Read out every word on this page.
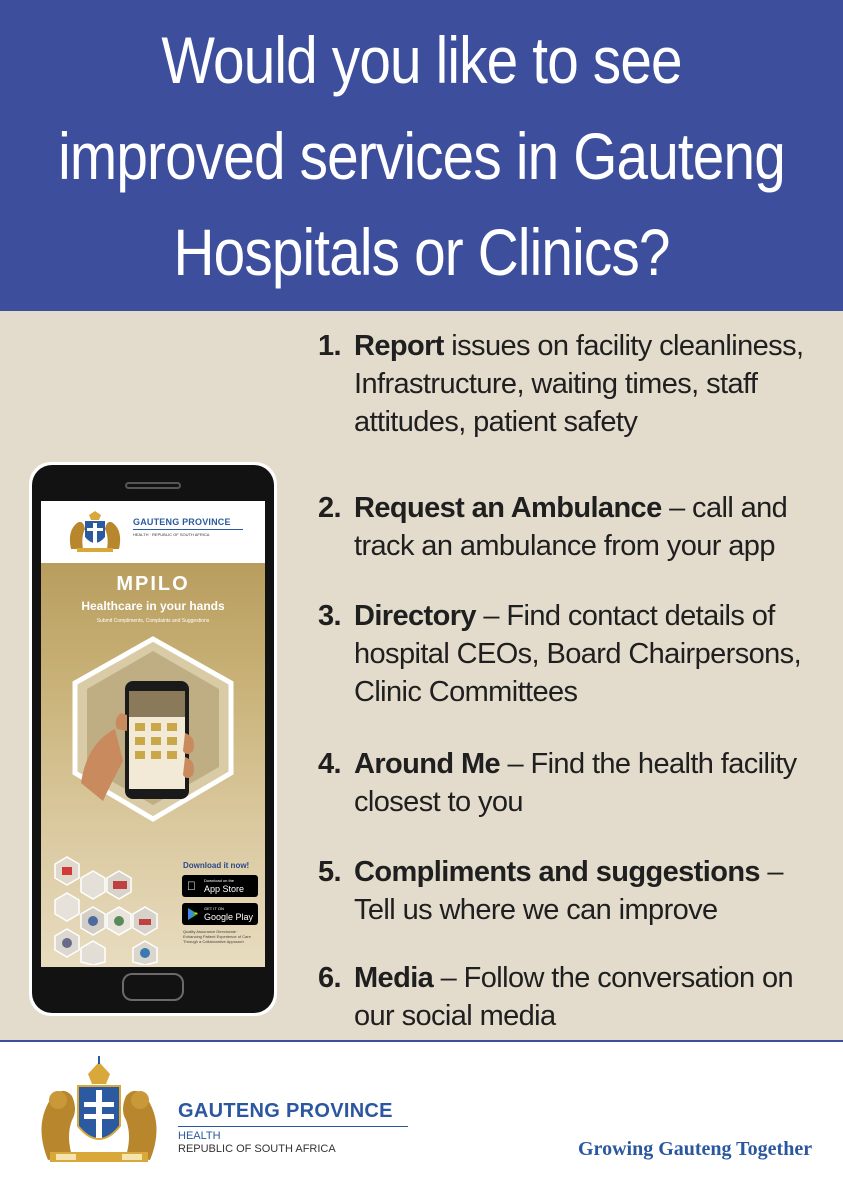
Would you like to see
improved services in Gauteng
Hospitals or Clinics?
GAUTENG PROVINCE
HEALTH · REPUBLIC OF SOUTH AFRICA
MPILO
Healthcare in your hands
Submit Compliments, Complaints and Suggestions
Download it now!
Download on the
App Store
GET IT ON
Google Play
Quality Assurance Directorate · Enhancing Patient Experience of Care Through a Collaborative Approach
1. Report issues on facility cleanliness, Infrastructure, waiting times, staff attitudes, patient safety
2. Request an Ambulance – call and track an ambulance from your app
3. Directory – Find contact details of hospital CEOs, Board Chairpersons, Clinic Committees
4. Around Me – Find the health facility closest to you
5. Compliments and suggestions – Tell us where we can improve
6. Media – Follow the conversation on our social media
GAUTENG PROVINCE
HEALTH
REPUBLIC OF SOUTH AFRICA	Growing Gauteng Together
